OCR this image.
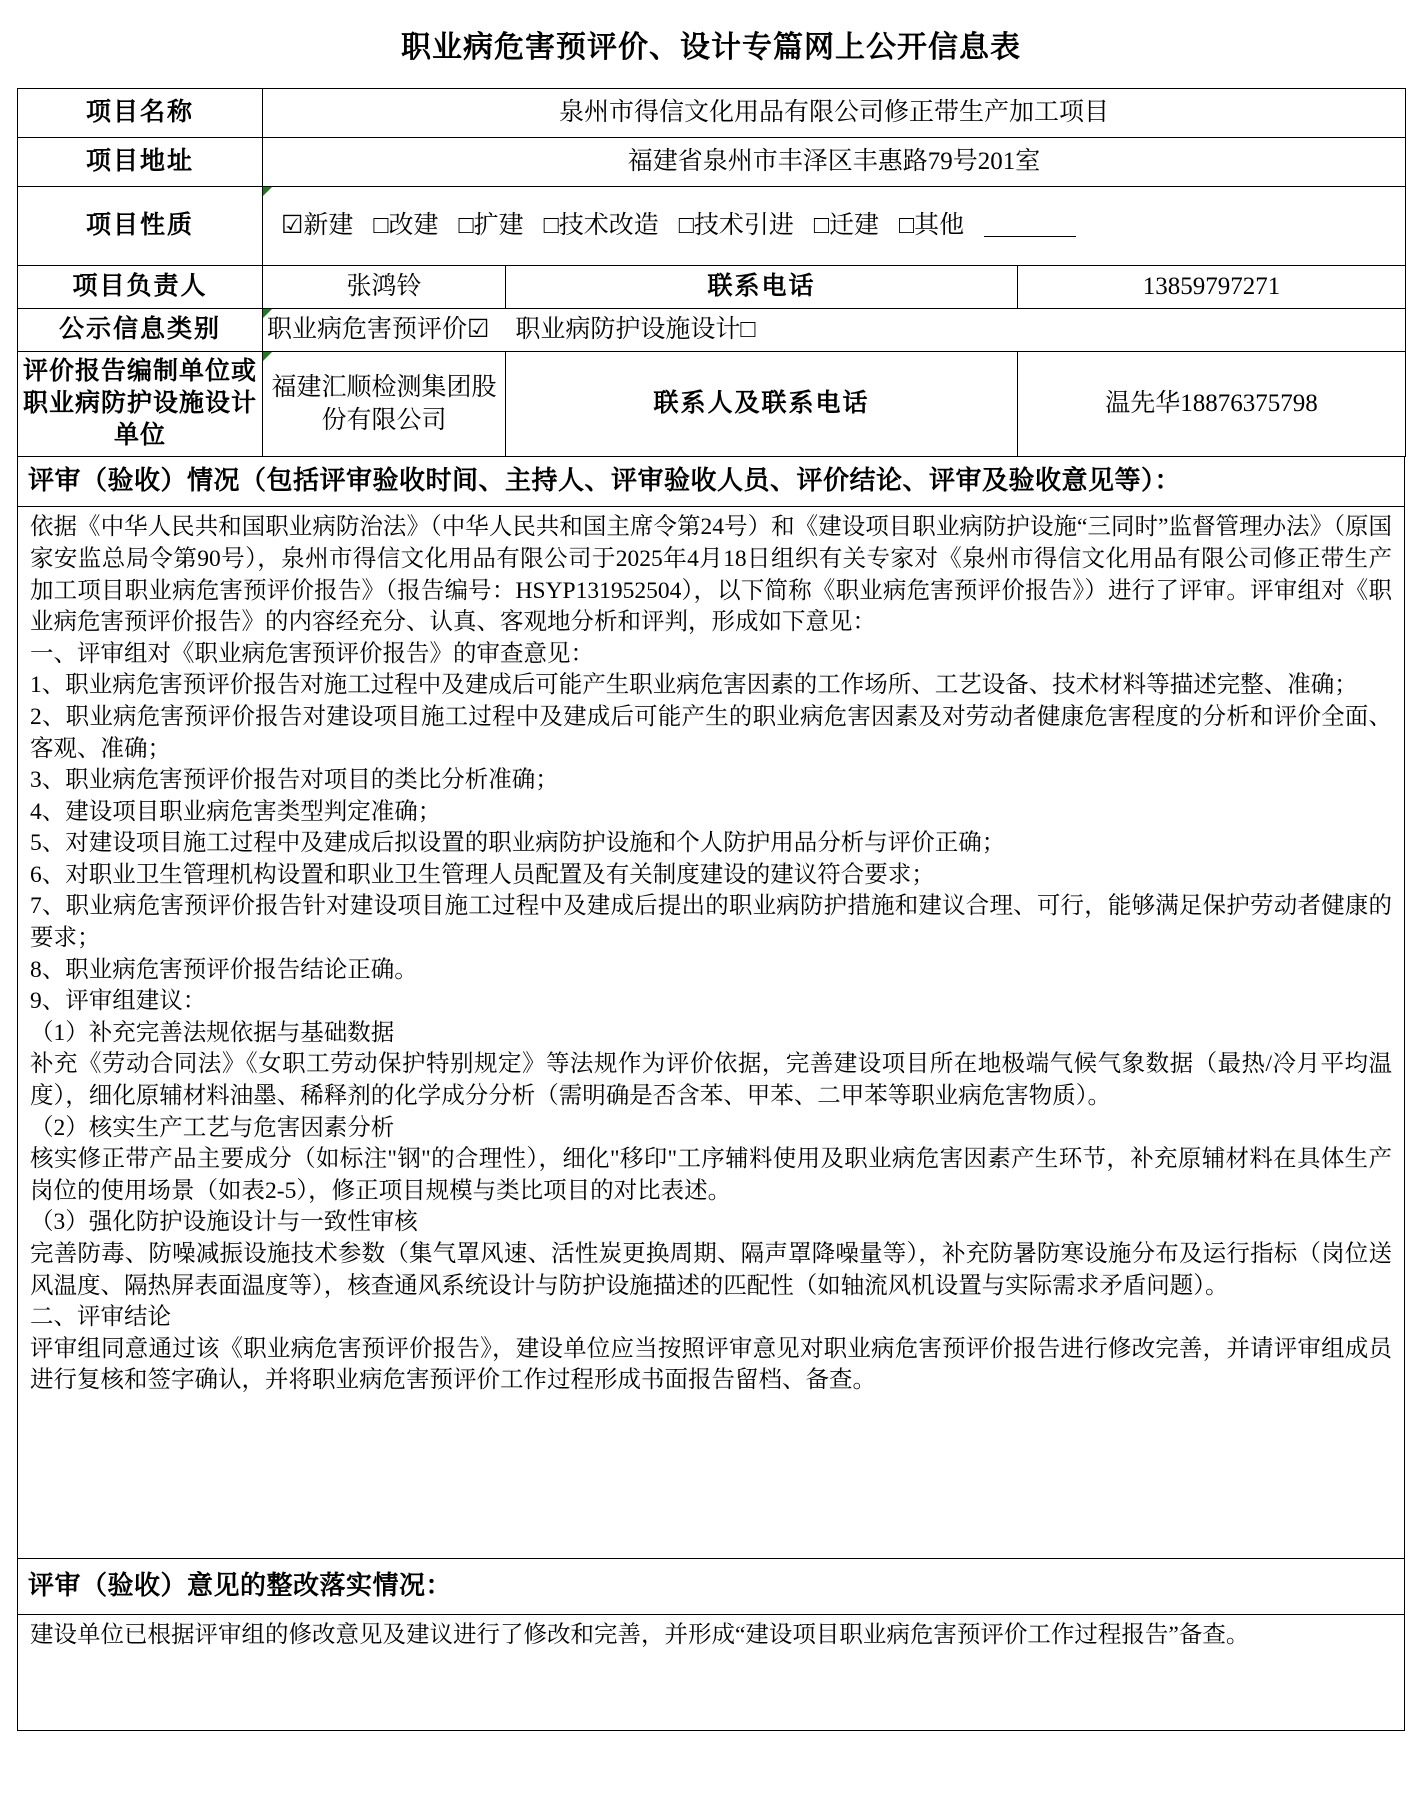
职业病危害预评价、设计专篇网上公开信息表
项目名称	泉州市得信文化用品有限公司修正带生产加工项目		
项目地址	福建省泉州市丰泽区丰惠路79号201室		
项目性质	☑新建 □改建 □扩建 □技术改造 □技术引进 □迁建 □其他		

项目负责人	张鸿铃	联系电话	13859797271
公示信息类别	职业病危害预评价☑ 职业病防护设施设计□		

评价报告编制单位或职业病防护设施设计单位	福建汇顺检测集团股份有限公司	联系人及联系电话	温先华18876375798
评审（验收）情况（包括评审验收时间、主持人、评审验收人员、评价结论、评审及验收意见等）：

依据《中华人民共和国职业病防治法》（中华人民共和国主席令第24号）和《建设项目职业病防护设施“三同时”监督管理办法》（原国家安监总局令第90号），泉州市得信文化用品有限公司于2025年4月18日组织有关专家对《泉州市得信文化用品有限公司修正带生产加工项目职业病危害预评价报告》（报告编号：HSYP131952504），以下简称《职业病危害预评价报告》）进行了评审。评审组对《职业病危害预评价报告》的内容经充分、认真、客观地分析和评判，形成如下意见：

一、评审组对《职业病危害预评价报告》的审查意见：

1、职业病危害预评价报告对施工过程中及建成后可能产生职业病危害因素的工作场所、工艺设备、技术材料等描述完整、准确；

2、职业病危害预评价报告对建设项目施工过程中及建成后可能产生的职业病危害因素及对劳动者健康危害程度的分析和评价全面、客观、准确；

3、职业病危害预评价报告对项目的类比分析准确；

4、建设项目职业病危害类型判定准确；

5、对建设项目施工过程中及建成后拟设置的职业病防护设施和个人防护用品分析与评价正确；

6、对职业卫生管理机构设置和职业卫生管理人员配置及有关制度建设的建议符合要求；

7、职业病危害预评价报告针对建设项目施工过程中及建成后提出的职业病防护措施和建议合理、可行，能够满足保护劳动者健康的要求；

8、职业病危害预评价报告结论正确。

9、评审组建议：

（1）补充完善法规依据与基础数据

补充《劳动合同法》《女职工劳动保护特别规定》等法规作为评价依据，完善建设项目所在地极端气候气象数据（最热/冷月平均温度），细化原辅材料油墨、稀释剂的化学成分分析（需明确是否含苯、甲苯、二甲苯等职业病危害物质）。

（2）核实生产工艺与危害因素分析

核实修正带产品主要成分（如标注"钢"的合理性），细化"移印"工序辅料使用及职业病危害因素产生环节，补充原辅材料在具体生产岗位的使用场景（如表2-5），修正项目规模与类比项目的对比表述。

（3）强化防护设施设计与一致性审核

完善防毒、防噪减振设施技术参数（集气罩风速、活性炭更换周期、隔声罩降噪量等），补充防暑防寒设施分布及运行指标（岗位送风温度、隔热屏表面温度等），核查通风系统设计与防护设施描述的匹配性（如轴流风机设置与实际需求矛盾问题）。

二、评审结论

评审组同意通过该《职业病危害预评价报告》，建设单位应当按照评审意见对职业病危害预评价报告进行修改完善，并请评审组成员进行复核和签字确认，并将职业病危害预评价工作过程形成书面报告留档、备查。

评审（验收）意见的整改落实情况：

建设单位已根据评审组的修改意见及建议进行了修改和完善，并形成“建设项目职业病危害预评价工作过程报告”备查。
